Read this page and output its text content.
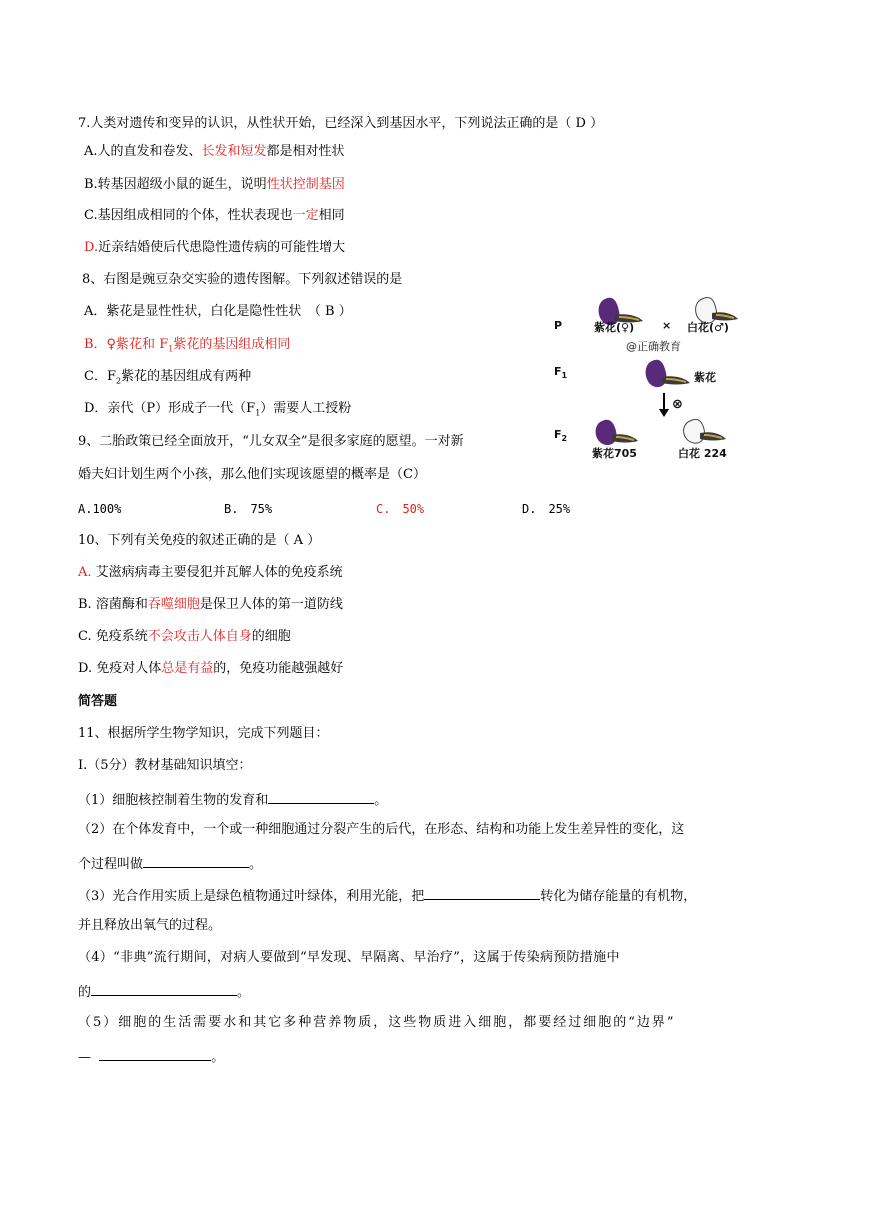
7.人类对遗传和变异的认识，从性状开始，已经深入到基因水平，下列说法正确的是（ D ）
A.人的直发和卷发、长发和短发都是相对性状
B.转基因超级小鼠的诞生，说明性状控制基因
C.基因组成相同的个体，性状表现也一定相同
D.近亲结婚使后代患隐性遗传病的可能性增大
8、右图是豌豆杂交实验的遗传图解。下列叙述错误的是
A．紫花是显性性状，白化是隐性性状　（ B ）
B．♀紫花和 $F_1$紫花的基因组成相同
C．$F_2$紫花的基因组成有两种
D．亲代（P）形成子一代$(F_1)$需要人工授粉
P	紫花(♀)	× 白花(♂)
@正确教育
$F_1$	紫花
⊗
$F_2$
紫花705	白花 224
9、二胎政策已经全面放开，“儿女双全”是很多家庭的愿望。一对新
婚夫妇计划生两个小孩，那么他们实现该愿望的概率是（C）
A.100%	B.　75%	C.　50%	D.　25%
10、下列有关免疫的叙述正确的是（ A ）
A. 艾滋病病毒主要侵犯并瓦解人体的免疫系统
B. 溶菌酶和吞噬细胞是保卫人体的第一道防线
C. 免疫系统不会攻击人体自身的细胞
D. 免疫对人体总是有益的，免疫功能越强越好
简答题
11、根据所学生物学知识，完成下列题目：
Ⅰ.（5分）教材基础知识填空：
（1）细胞核控制着生物的发育和	。
（2）在个体发育中，一个或一种细胞通过分裂产生的后代，在形态、结构和功能上发生差异性的变化，这
个过程叫做	。
（3）光合作用实质上是绿色植物通过叶绿体，利用光能，把	转化为储存能量的有机物，
并且释放出氧气的过程。
（4）“非典”流行期间，对病人要做到“早发现、早隔离、早治疗”，这属于传染病预防措施中
的	。
（5）细胞的生活需要水和其它多种营养物质，这些物质进入细胞，都要经过细胞的“边界”
—	。
